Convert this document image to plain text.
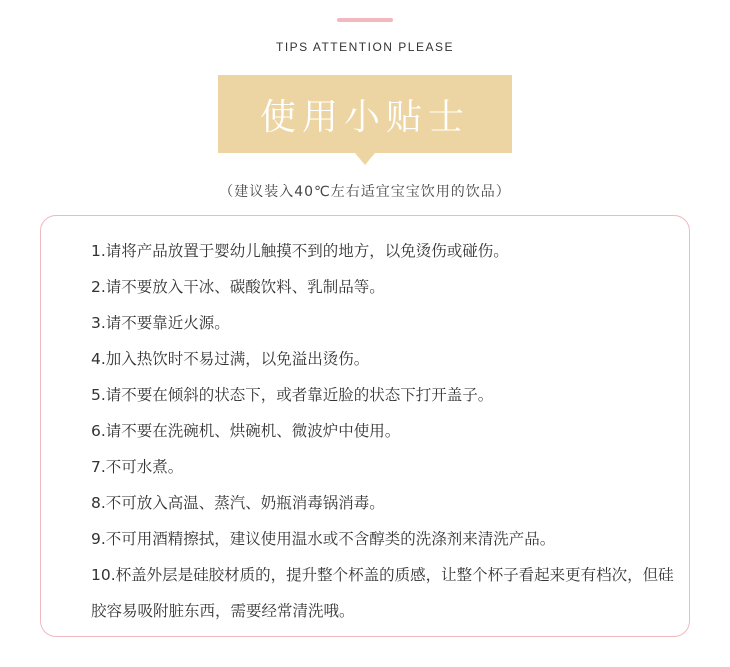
TIPS ATTENTION PLEASE
使用小贴士
（建议装入40℃左右适宜宝宝饮用的饮品）
1.请将产品放置于婴幼儿触摸不到的地方，以免烫伤或碰伤。
2.请不要放入干冰、碳酸饮料、乳制品等。
3.请不要靠近火源。
4.加入热饮时不易过满，以免溢出烫伤。
5.请不要在倾斜的状态下，或者靠近脸的状态下打开盖子。
6.请不要在洗碗机、烘碗机、微波炉中使用。
7.不可水煮。
8.不可放入高温、蒸汽、奶瓶消毒锅消毒。
9.不可用酒精擦拭，建议使用温水或不含醇类的洗涤剂来清洗产品。
10.杯盖外层是硅胶材质的，提升整个杯盖的质感，让整个杯子看起来更有档次，但硅胶容易吸附脏东西，需要经常清洗哦。
